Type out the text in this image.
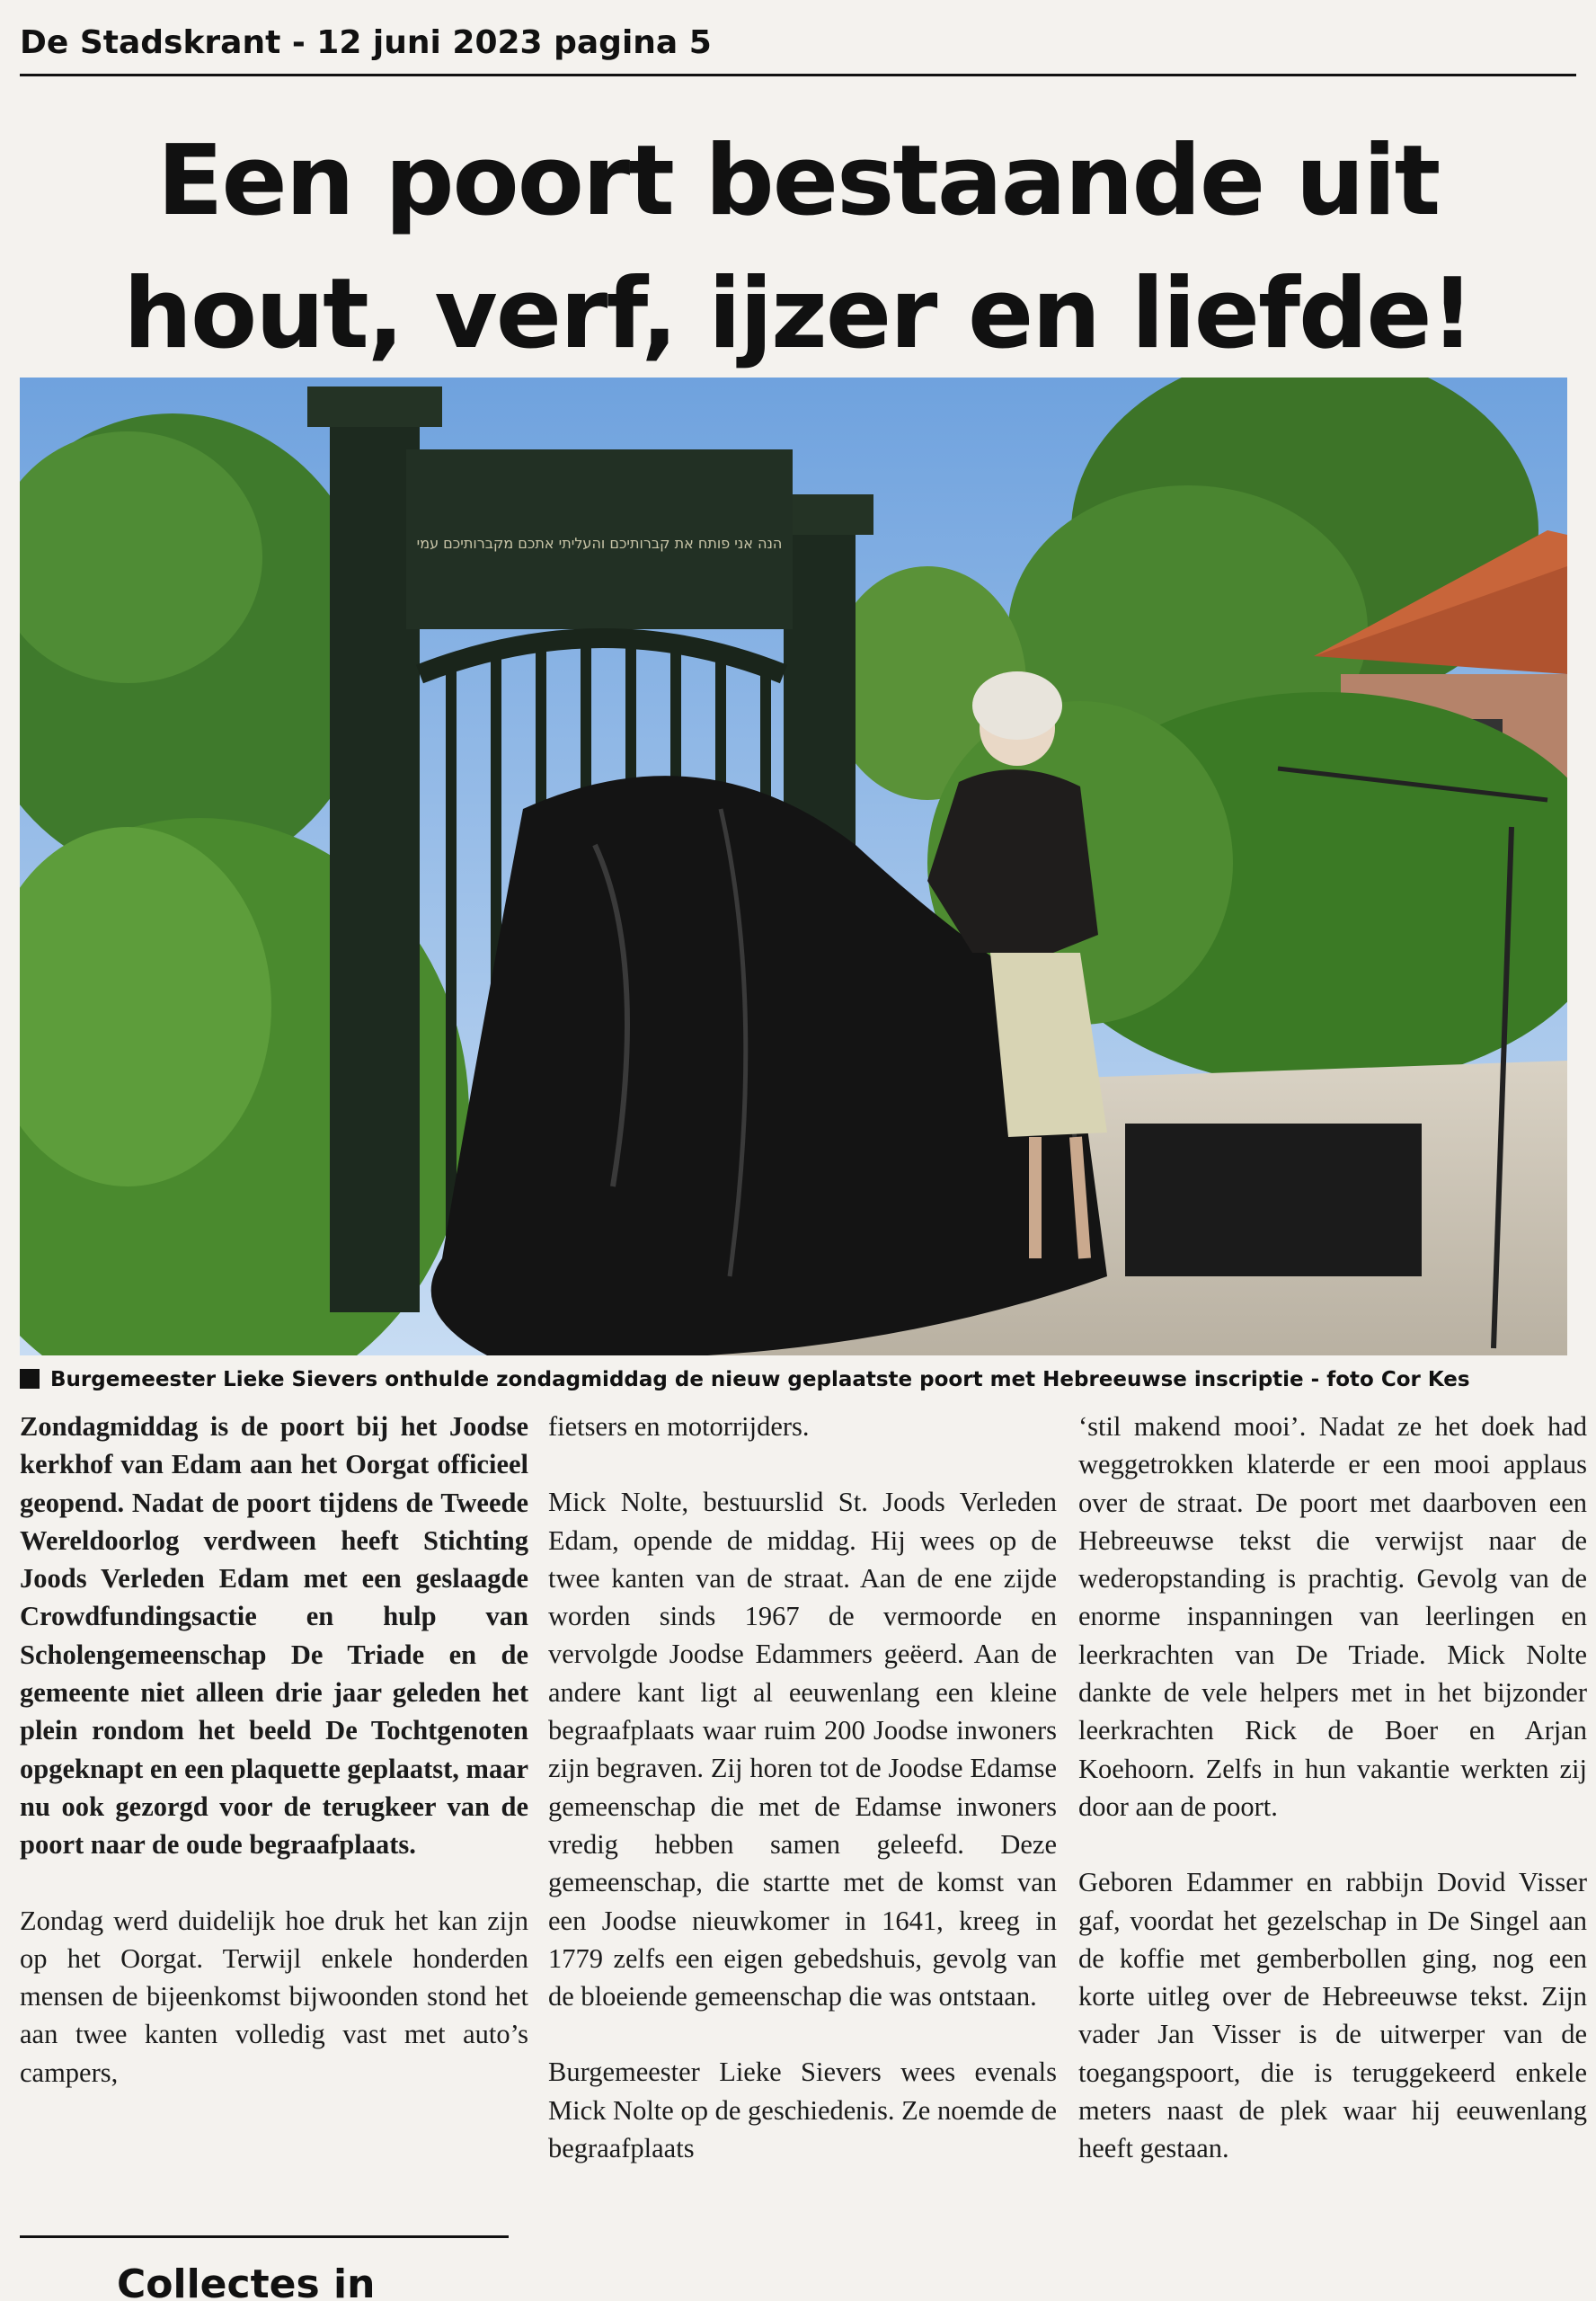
De Stadskrant - 12 juni 2023 pagina 5
Een poort bestaande uit
hout, verf, ijzer en liefde!
הנה אני פותח את קברותיכם והעליתי אתכם מקברותיכם עמי
Burgemeester Lieke Sievers onthulde zondagmiddag de nieuw geplaatste poort met Hebreeuwse inscriptie - foto Cor Kes

Zondagmiddag is de poort bij het Joodse kerkhof van Edam aan het Oorgat officieel geopend. Nadat de poort tijdens de Tweede Wereldoorlog verdween heeft Stichting Joods Verleden Edam met een geslaagde Crowdfundingsactie en hulp van Scholengemeenschap De Triade en de gemeente niet alleen drie jaar geleden het plein rondom het beeld De Tochtgenoten opgeknapt en een plaquette geplaatst, maar nu ook gezorgd voor de terugkeer van de poort naar de oude begraafplaats.

Zondag werd duidelijk hoe druk het kan zijn op het Oorgat. Terwijl enkele honderden mensen de bijeenkomst bijwoonden stond het aan twee kanten volledig vast met auto’s campers,

fietsers en motorrijders.

Mick Nolte, bestuurslid St. Joods Verleden Edam, opende de middag. Hij wees op de twee kanten van de straat. Aan de ene zijde worden sinds 1967 de vermoorde en vervolgde Joodse Edammers geëerd. Aan de andere kant ligt al eeuwenlang een kleine begraafplaats waar ruim 200 Joodse inwoners zijn begraven. Zij horen tot de Joodse Edamse gemeenschap die met de Edamse inwoners vredig hebben samen geleefd. Deze gemeenschap, die startte met de komst van een Joodse nieuwkomer in 1641, kreeg in 1779 zelfs een eigen gebedshuis, gevolg van de bloeiende gemeenschap die was ontstaan.

Burgemeester Lieke Sievers wees evenals Mick Nolte op de geschiedenis. Ze noemde de begraafplaats

‘stil makend mooi’. Nadat ze het doek had weggetrokken klaterde er een mooi applaus over de straat. De poort met daarboven een Hebreeuwse tekst die verwijst naar de wederopstanding is prachtig. Gevolg van de enorme inspanningen van leerlingen en leerkrachten van De Triade. Mick Nolte dankte de vele helpers met in het bijzonder leerkrachten Rick de Boer en Arjan Koehoorn. Zelfs in hun vakantie werkten zij door aan de poort.

Geboren Edammer en rabbijn Dovid Visser gaf, voordat het gezelschap in De Singel aan de koffie met gemberbollen ging, nog een korte uitleg over de Hebreeuwse tekst. Zijn vader Jan Visser is de uitwerper van de toegangspoort, die is teruggekeerd enkele meters naast de plek waar hij eeuwenlang heeft gestaan.

Collectes in
